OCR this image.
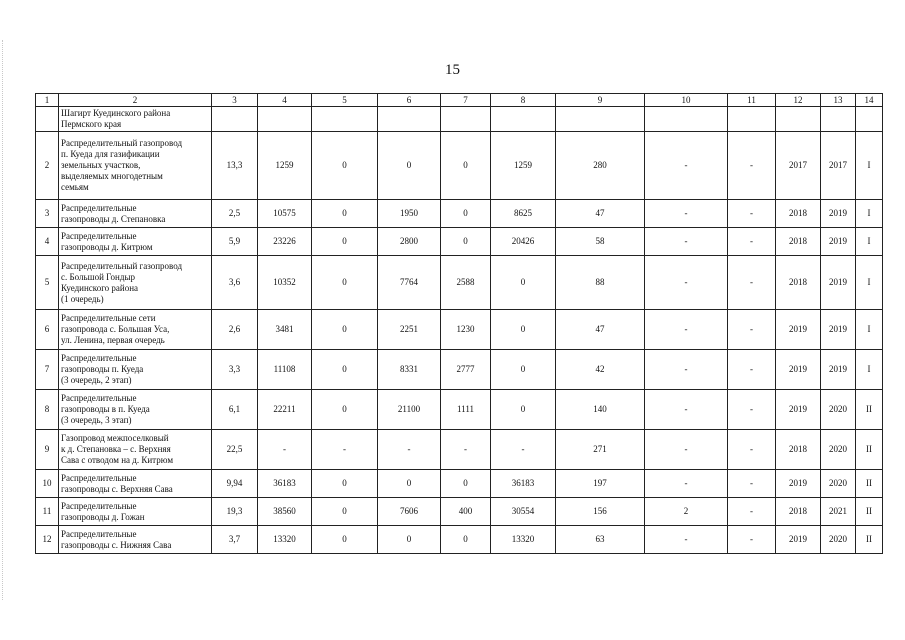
15
1	2	3	4	5	6	7	8	9	10	11	12	13	14
	Шагирт Куединского района
Пермского края												
2	Распределительный газопровод
п. Куеда для газификации
земельных участков,
выделяемых многодетным
семьям	13,3	1259	0	0	0	1259	280	-	-	2017	2017	I
3	Распределительные
газопроводы д. Степановка	2,5	10575	0	1950	0	8625	47	-	-	2018	2019	I
4	Распределительные
газопроводы д. Китрюм	5,9	23226	0	2800	0	20426	58	-	-	2018	2019	I
5	Распределительный газопровод
с. Большой Гондыр
Куединского района
(1 очередь)	3,6	10352	0	7764	2588	0	88	-	-	2018	2019	I
6	Распределительные сети
газопровода с. Большая Уса,
ул. Ленина, первая очередь	2,6	3481	0	2251	1230	0	47	-	-	2019	2019	I
7	Распределительные
газопроводы п. Куеда
(3 очередь, 2 этап)	3,3	11108	0	8331	2777	0	42	-	-	2019	2019	I
8	Распределительные
газопроводы в п. Куеда
(3 очередь, 3 этап)	6,1	22211	0	21100	1111	0	140	-	-	2019	2020	II
9	Газопровод межпоселковый
к д. Степановка – с. Верхняя
Сава с отводом на д. Китрюм	22,5	-	-	-	-	-	271	-	-	2018	2020	II
10	Распределительные
газопроводы с. Верхняя Сава	9,94	36183	0	0	0	36183	197	-	-	2019	2020	II
11	Распределительные
газопроводы д. Гожан	19,3	38560	0	7606	400	30554	156	2	-	2018	2021	II
12	Распределительные
газопроводы с. Нижняя Сава	3,7	13320	0	0	0	13320	63	-	-	2019	2020	II
